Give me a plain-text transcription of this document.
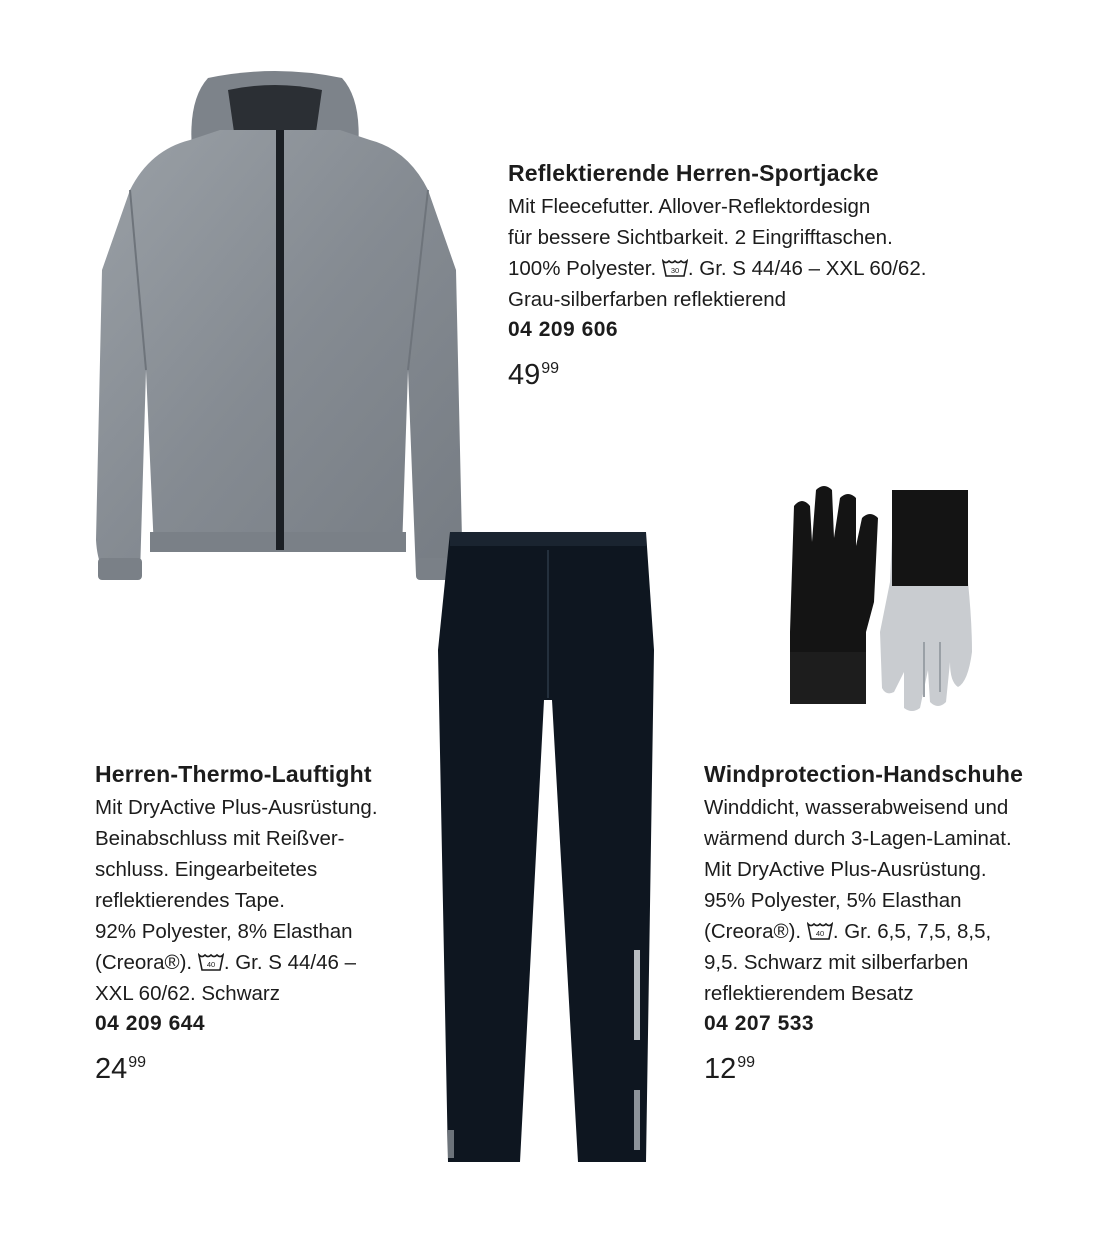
Reflektierende Herren-Sportjacke
Mit Fleecefutter. Allover-Reflektordesign
für bessere Sichtbarkeit. 2 Eingrifftaschen.
100% Polyester. 30 . Gr. S 44/46 – XXL 60/62.
Grau-silberfarben reflektierend
04 209 606
$49^{99}$
Herren-Thermo-Lauftight
Mit DryActive Plus-Ausrüstung.
Beinabschluss mit Reißver-
schluss. Eingearbeitetes
reflektierendes Tape.
92% Polyester, 8% Elasthan
(Creora®). 40 . Gr. S 44/46 –
XXL 60/62. Schwarz
04 209 644
$24^{99}$
Windprotection-Handschuhe
Winddicht, wasserabweisend und
wärmend durch 3-Lagen-Laminat.
Mit DryActive Plus-Ausrüstung.
95% Polyester, 5% Elasthan
(Creora®). 40 . Gr. 6,5, 7,5, 8,5,
9,5. Schwarz mit silberfarben
reflektierendem Besatz
04 207 533
$12^{99}$
